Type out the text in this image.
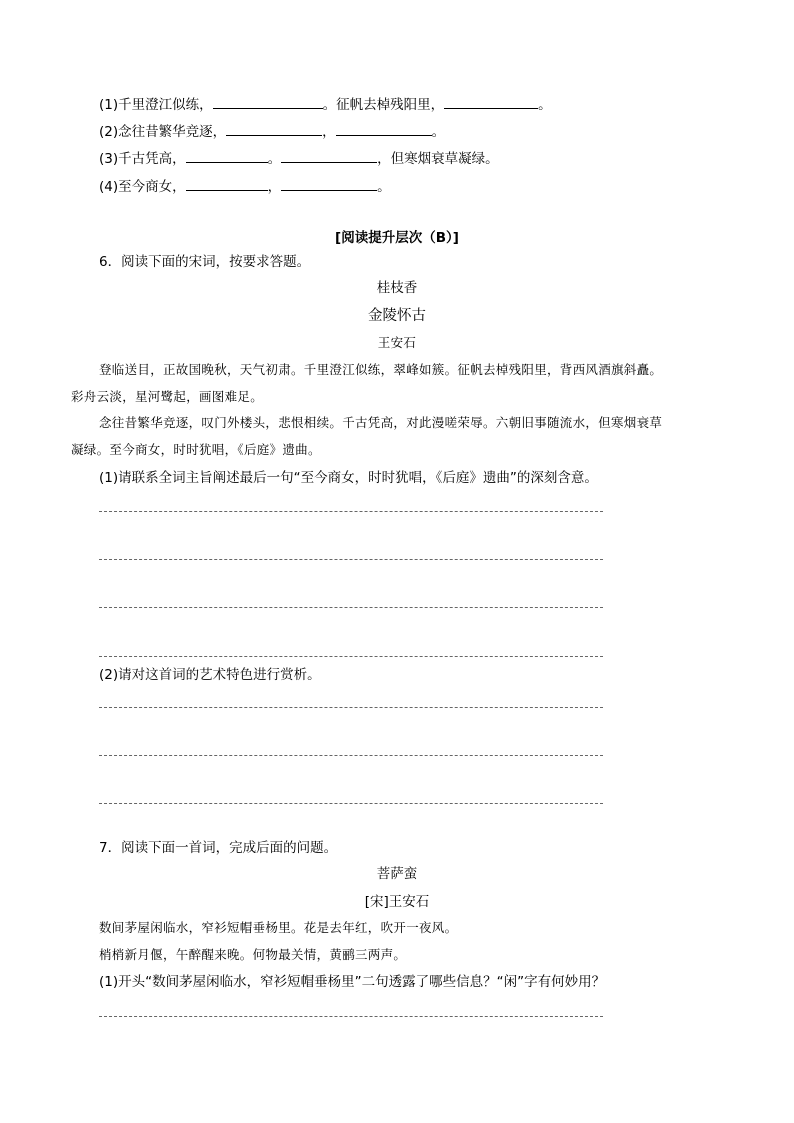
(1)千里澄江似练，	。征帆去棹残阳里，	。
(2)念往昔繁华竞逐，	，	。
(3)千古凭高，	。	，但寒烟衰草凝绿。
(4)至今商女，	，	。
[阅读提升层次（B）]
6．阅读下面的宋词，按要求答题。
桂枝香
金陵怀古
王安石
登临送目，正故国晚秋，天气初肃。千里澄江似练，翠峰如簇。征帆去棹残阳里，背西风酒旗斜矗。
彩舟云淡，星河鹭起，画图难足。
念往昔繁华竞逐，叹门外楼头，悲恨相续。千古凭高，对此漫嗟荣辱。六朝旧事随流水，但寒烟衰草
凝绿。至今商女，时时犹唱，《后庭》遗曲。
(1)请联系全词主旨阐述最后一句“至今商女，时时犹唱，《后庭》遗曲”的深刻含意。
(2)请对这首词的艺术特色进行赏析。
7．阅读下面一首词，完成后面的问题。
菩萨蛮
[宋]王安石
数间茅屋闲临水，窄衫短帽垂杨里。花是去年红，吹开一夜风。
梢梢新月偃，午醉醒来晚。何物最关情，黄鹂三两声。
(1)开头“数间茅屋闲临水，窄衫短帽垂杨里”二句透露了哪些信息？“闲”字有何妙用？
